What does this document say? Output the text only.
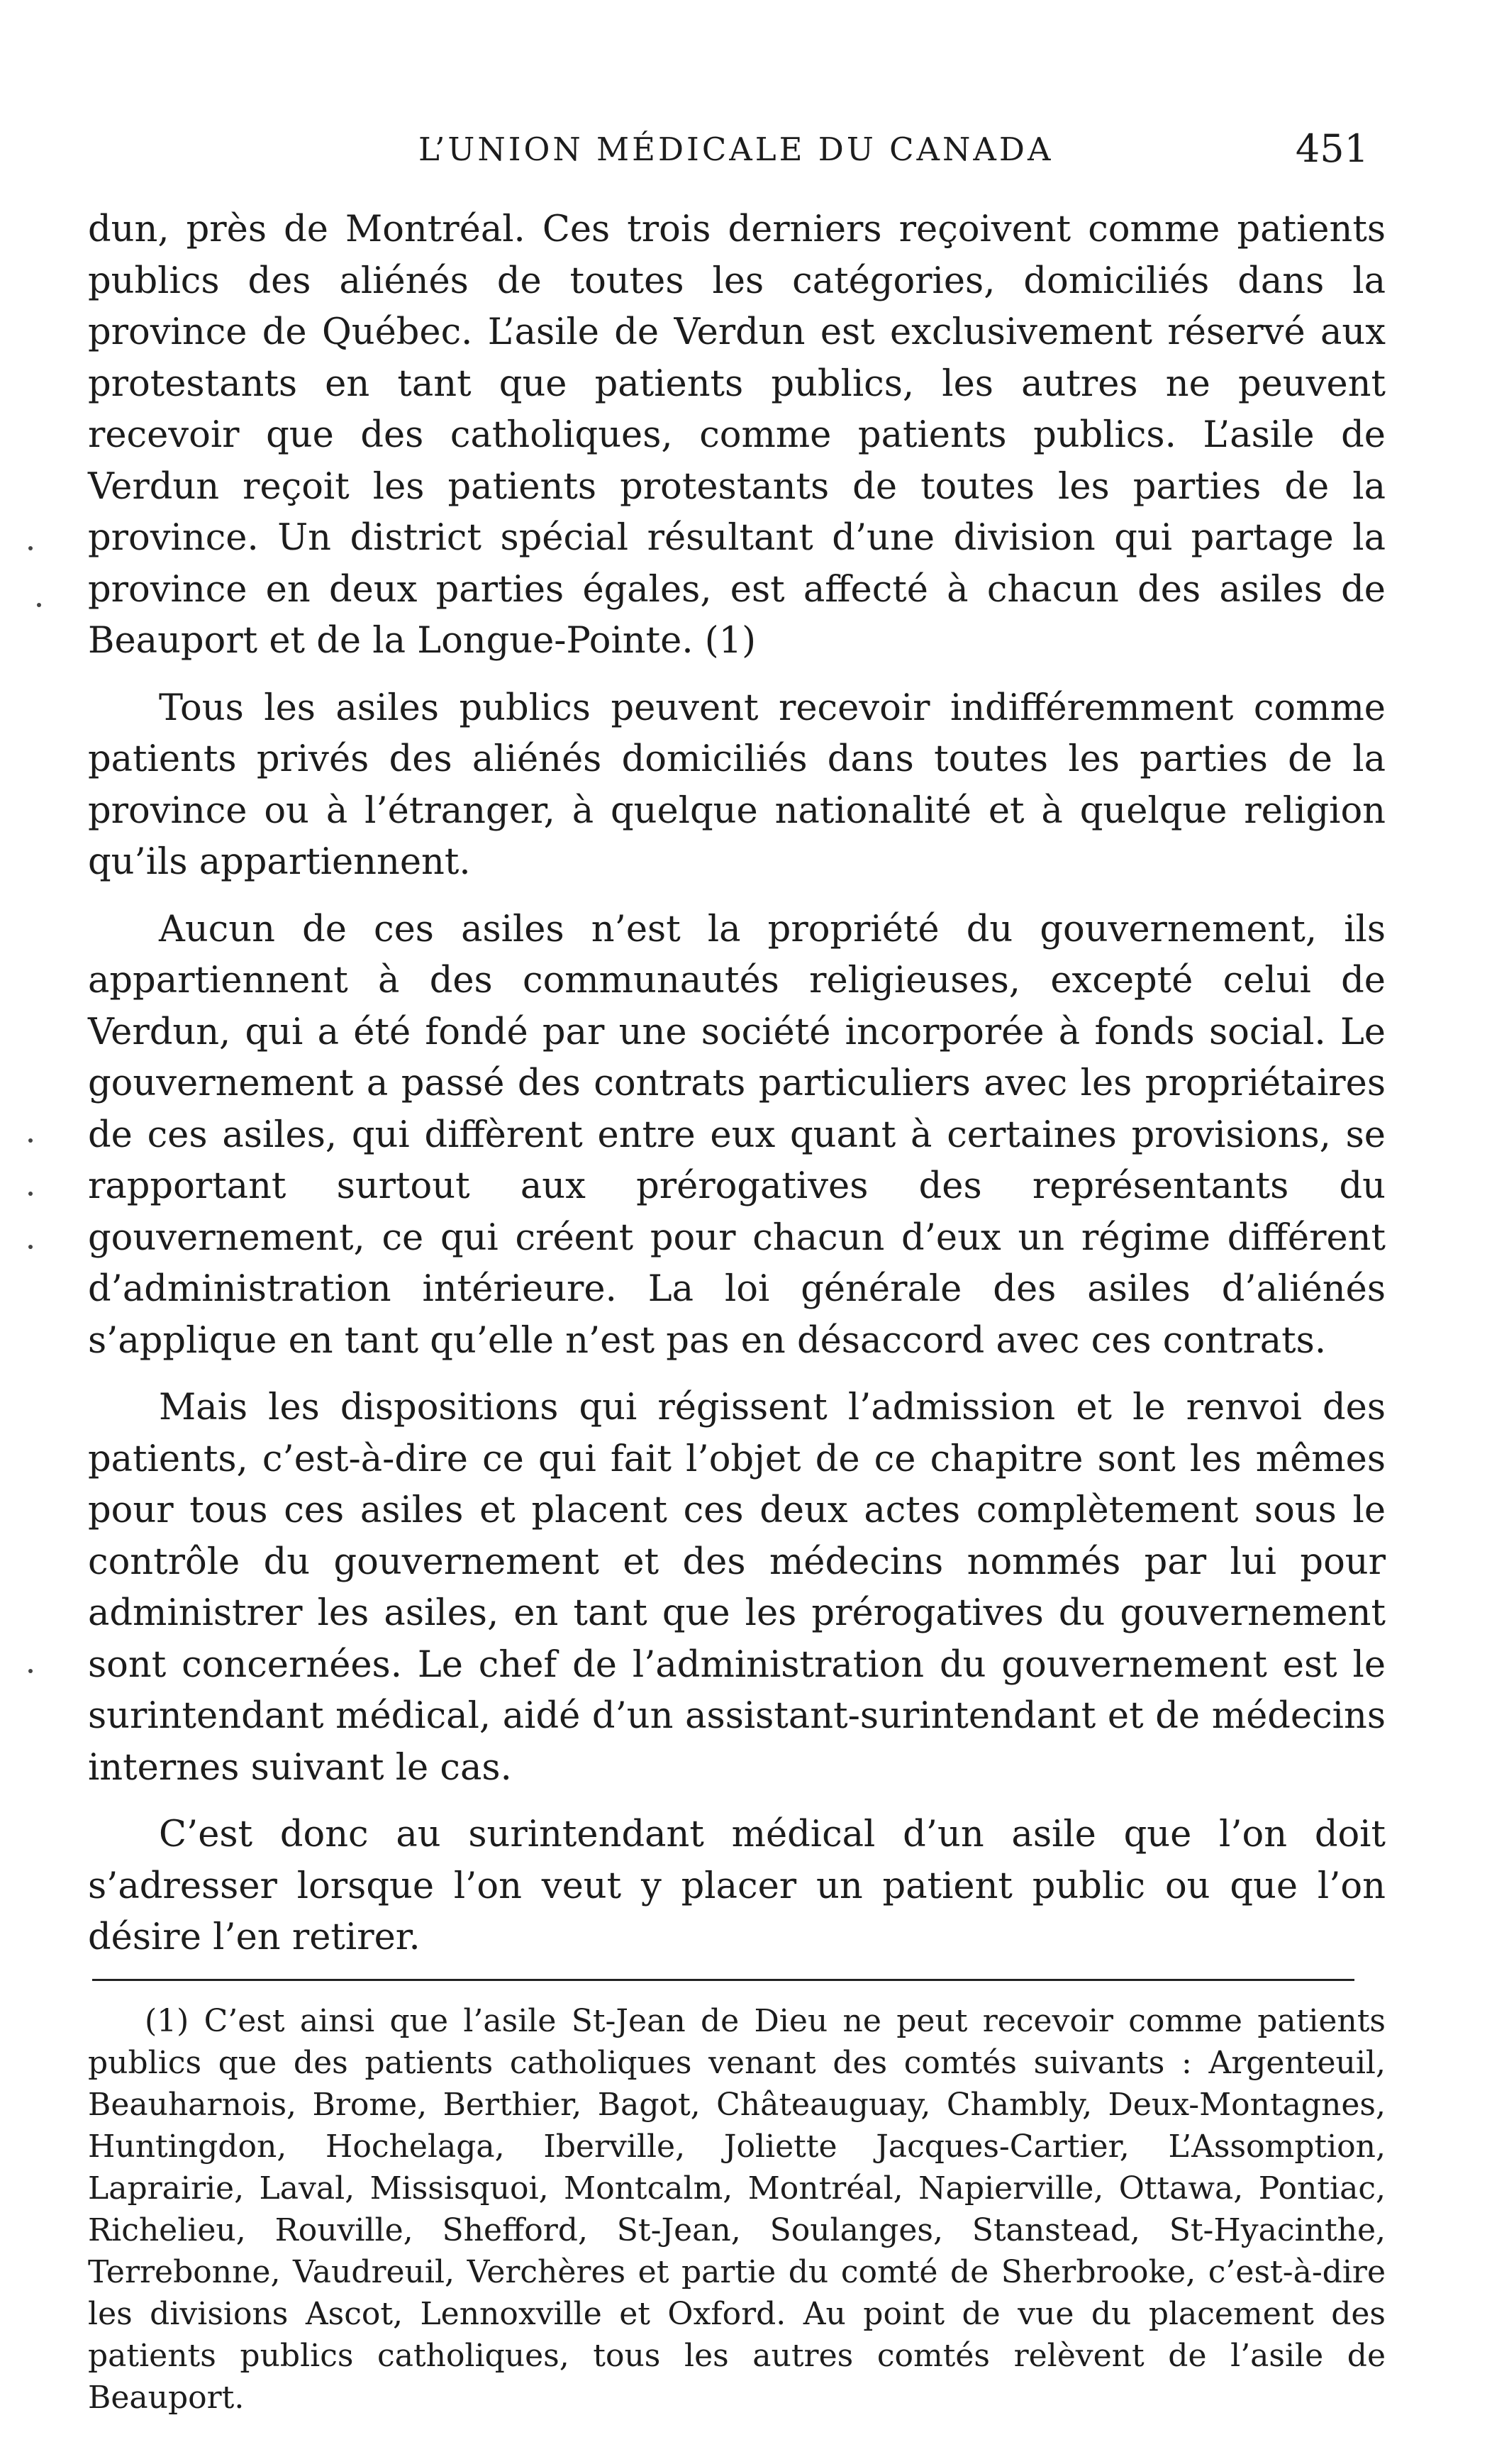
L’UNION MÉDICALE DU CANADA	451

dun, près de Montréal. Ces trois derniers reçoivent comme patients publics des aliénés de toutes les catégories, domiciliés dans la province de Québec. L’asile de Verdun est exclusivement réservé aux protestants en tant que patients publics, les autres ne peuvent recevoir que des catholiques, comme patients publics. L’asile de Verdun reçoit les patients protestants de toutes les parties de la province. Un district spécial résultant d’une division qui partage la province en deux parties égales, est affecté à chacun des asiles de Beauport et de la Longue-Pointe. (1)

Tous les asiles publics peuvent recevoir indifféremment comme patients privés des aliénés domiciliés dans toutes les parties de la province ou à l’étranger, à quelque nationalité et à quelque religion qu’ils appartiennent.

Aucun de ces asiles n’est la propriété du gouvernement, ils appartiennent à des communautés religieuses, excepté celui de Verdun, qui a été fondé par une société incorporée à fonds social. Le gouvernement a passé des contrats particuliers avec les propriétaires de ces asiles, qui diffèrent entre eux quant à certaines provisions, se rapportant surtout aux prérogatives des représentants du gouvernement, ce qui créent pour chacun d’eux un régime différent d’administration intérieure. La loi générale des asiles d’aliénés s’applique en tant qu’elle n’est pas en désaccord avec ces contrats.

Mais les dispositions qui régissent l’admission et le renvoi des patients, c’est-à-dire ce qui fait l’objet de ce chapitre sont les mêmes pour tous ces asiles et placent ces deux actes complètement sous le contrôle du gouvernement et des médecins nommés par lui pour administrer les asiles, en tant que les prérogatives du gouvernement sont concernées. Le chef de l’administration du gouvernement est le surintendant médical, aidé d’un assistant-surintendant et de médecins internes suivant le cas.

C’est donc au surintendant médical d’un asile que l’on doit s’adresser lorsque l’on veut y placer un patient public ou que l’on désire l’en retirer.

(1) C’est ainsi que l’asile St-Jean de Dieu ne peut recevoir comme patients publics que des patients catholiques venant des comtés suivants : Argenteuil, Beauharnois, Brome, Berthier, Bagot, Châteauguay, Chambly, Deux-Montagnes, Huntingdon, Hochelaga, Iberville, Joliette Jacques-Cartier, L’Assomption, Laprairie, Laval, Missisquoi, Montcalm, Montréal, Napierville, Ottawa, Pontiac, Richelieu, Rouville, Shefford, St-Jean, Soulanges, Stanstead, St-Hyacinthe, Terrebonne, Vaudreuil, Verchères et partie du comté de Sherbrooke, c’est-à-dire les divisions Ascot, Lennoxville et Oxford. Au point de vue du placement des patients publics catholiques, tous les autres comtés relèvent de l’asile de Beauport.
